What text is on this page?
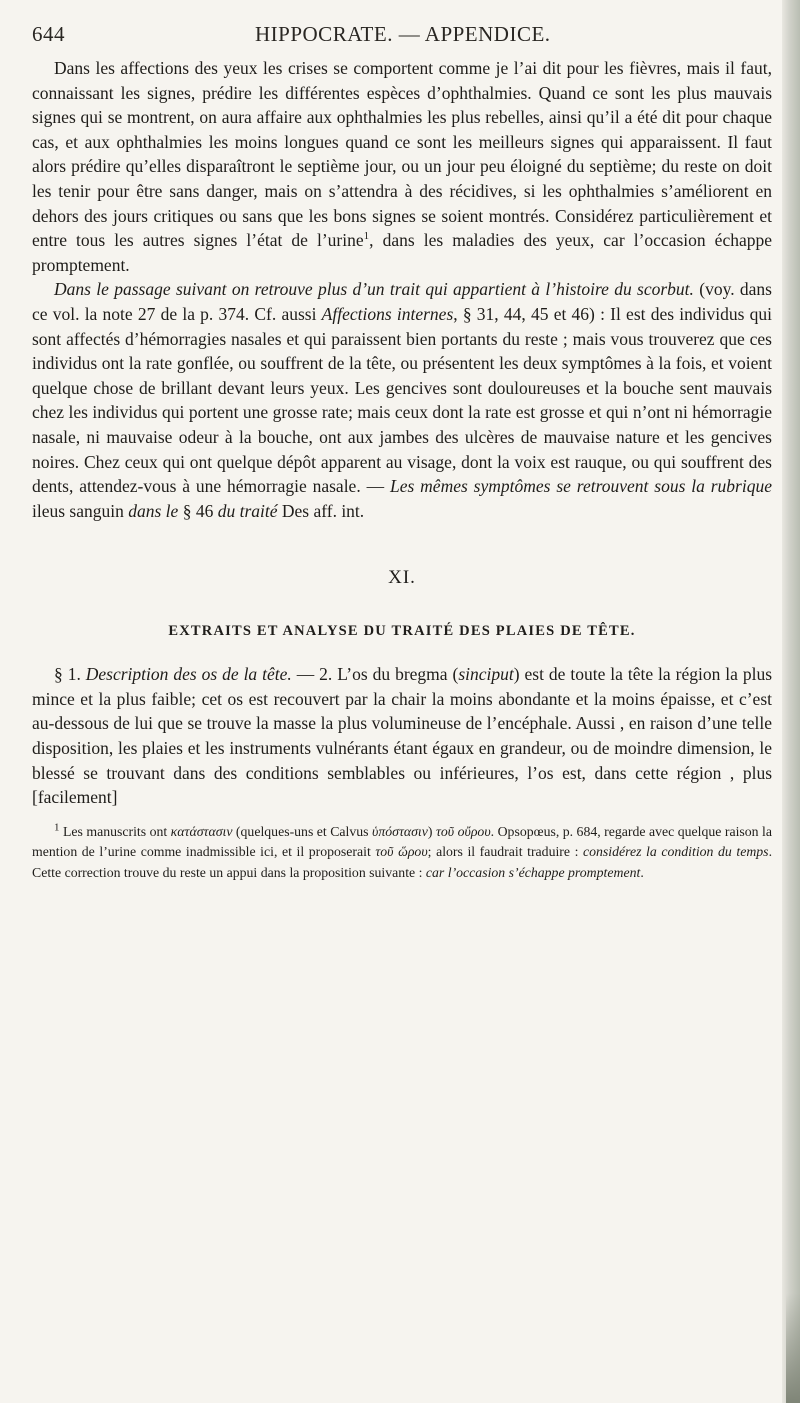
644	HIPPOCRATE. — APPENDICE.

Dans les affections des yeux les crises se comportent comme je l’ai dit pour les fièvres, mais il faut, connaissant les signes, prédire les différentes espèces d’ophthalmies. Quand ce sont les plus mauvais signes qui se montrent, on aura affaire aux ophthalmies les plus rebelles, ainsi qu’il a été dit pour chaque cas, et aux ophthalmies les moins longues quand ce sont les meilleurs signes qui apparaissent. Il faut alors prédire qu’elles disparaîtront le septième jour, ou un jour peu éloigné du septième; du reste on doit les tenir pour être sans danger, mais on s’attendra à des récidives, si les ophthalmies s’améliorent en dehors des jours critiques ou sans que les bons signes se soient montrés. Considérez particulièrement et entre tous les autres signes l’état de l’urine$^1$, dans les maladies des yeux, car l’occasion échappe promptement.

Dans le passage suivant on retrouve plus d’un trait qui appartient à l’histoire du scorbut. (voy. dans ce vol. la note 27 de la p. 374. Cf. aussi Affections internes, § 31, 44, 45 et 46) : Il est des individus qui sont affectés d’hémorragies nasales et qui paraissent bien portants du reste ; mais vous trouverez que ces individus ont la rate gonflée, ou souffrent de la tête, ou présentent les deux symptômes à la fois, et voient quelque chose de brillant devant leurs yeux. Les gencives sont douloureuses et la bouche sent mauvais chez les individus qui portent une grosse rate; mais ceux dont la rate est grosse et qui n’ont ni hémorragie nasale, ni mauvaise odeur à la bouche, ont aux jambes des ulcères de mauvaise nature et les gencives noires. Chez ceux qui ont quelque dépôt apparent au visage, dont la voix est rauque, ou qui souffrent des dents, attendez-vous à une hémorragie nasale. — Les mêmes symptômes se retrouvent sous la rubrique ileus sanguin dans le § 46 du traité Des aff. int.

XI.
EXTRAITS ET ANALYSE DU TRAITÉ DES PLAIES DE TÊTE.

§ 1. Description des os de la tête. — 2. L’os du bregma (sinciput) est de toute la tête la région la plus mince et la plus faible; cet os est recouvert par la chair la moins abondante et la moins épaisse, et c’est au-dessous de lui que se trouve la masse la plus volumineuse de l’encéphale. Aussi , en raison d’une telle disposition, les plaies et les instruments vulnérants étant égaux en grandeur, ou de moindre dimension, le blessé se trouvant dans des conditions semblables ou inférieures, l’os est, dans cette région , plus [facilement]

$^1$ Les manuscrits ont κατάστασιν (quelques-uns et Calvus ὑπόστασιν) τοῦ οὔρου. Opsopœus, p. 684, regarde avec quelque raison la mention de l’urine comme inadmissible ici, et il proposerait τοῦ ὥρου; alors il faudrait traduire : considérez la condition du temps. Cette correction trouve du reste un appui dans la proposition suivante : car l’occasion s’échappe promptement.
